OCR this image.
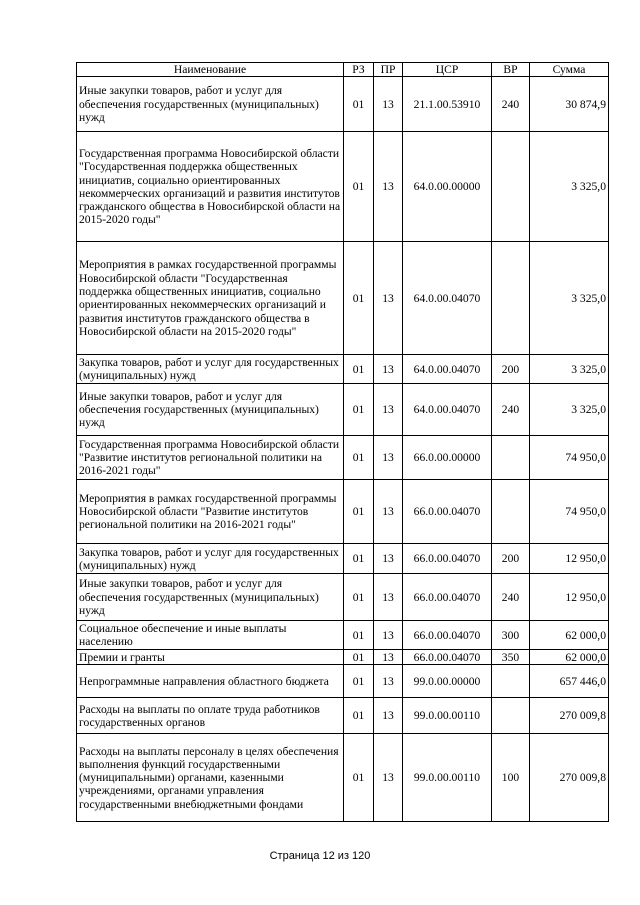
Наименование	РЗ	ПР	ЦСР	ВР	Сумма
Иные закупки товаров, работ и услуг для обеспечения государственных (муниципальных) нужд	01	13	21.1.00.53910	240	30 874,9
Государственная программа Новосибирской области "Государственная поддержка общественных инициатив, социально ориентированных некоммерческих организаций и развития институтов гражданского общества в Новосибирской области на 2015-2020 годы"	01	13	64.0.00.00000		3 325,0
Мероприятия в рамках государственной программы Новосибирской области "Государственная поддержка общественных инициатив, социально ориентированных некоммерческих организаций и развития институтов гражданского общества в Новосибирской области на 2015-2020 годы"	01	13	64.0.00.04070		3 325,0
Закупка товаров, работ и услуг для государственных (муниципальных) нужд	01	13	64.0.00.04070	200	3 325,0
Иные закупки товаров, работ и услуг для обеспечения государственных (муниципальных) нужд	01	13	64.0.00.04070	240	3 325,0
Государственная программа Новосибирской области "Развитие институтов региональной политики на 2016-2021 годы"	01	13	66.0.00.00000		74 950,0
Мероприятия в рамках государственной программы Новосибирской области "Развитие институтов региональной политики на 2016-2021 годы"	01	13	66.0.00.04070		74 950,0
Закупка товаров, работ и услуг для государственных (муниципальных) нужд	01	13	66.0.00.04070	200	12 950,0
Иные закупки товаров, работ и услуг для обеспечения государственных (муниципальных) нужд	01	13	66.0.00.04070	240	12 950,0
Социальное обеспечение и иные выплаты населению	01	13	66.0.00.04070	300	62 000,0
Премии и гранты	01	13	66.0.00.04070	350	62 000,0
Непрограммные направления областного бюджета	01	13	99.0.00.00000		657 446,0
Расходы на выплаты по оплате труда работников государственных органов	01	13	99.0.00.00110		270 009,8
Расходы на выплаты персоналу в целях обеспечения выполнения функций государственными (муниципальными) органами, казенными учреждениями, органами управления государственными внебюджетными фондами	01	13	99.0.00.00110	100	270 009,8
Страница 12 из 120
